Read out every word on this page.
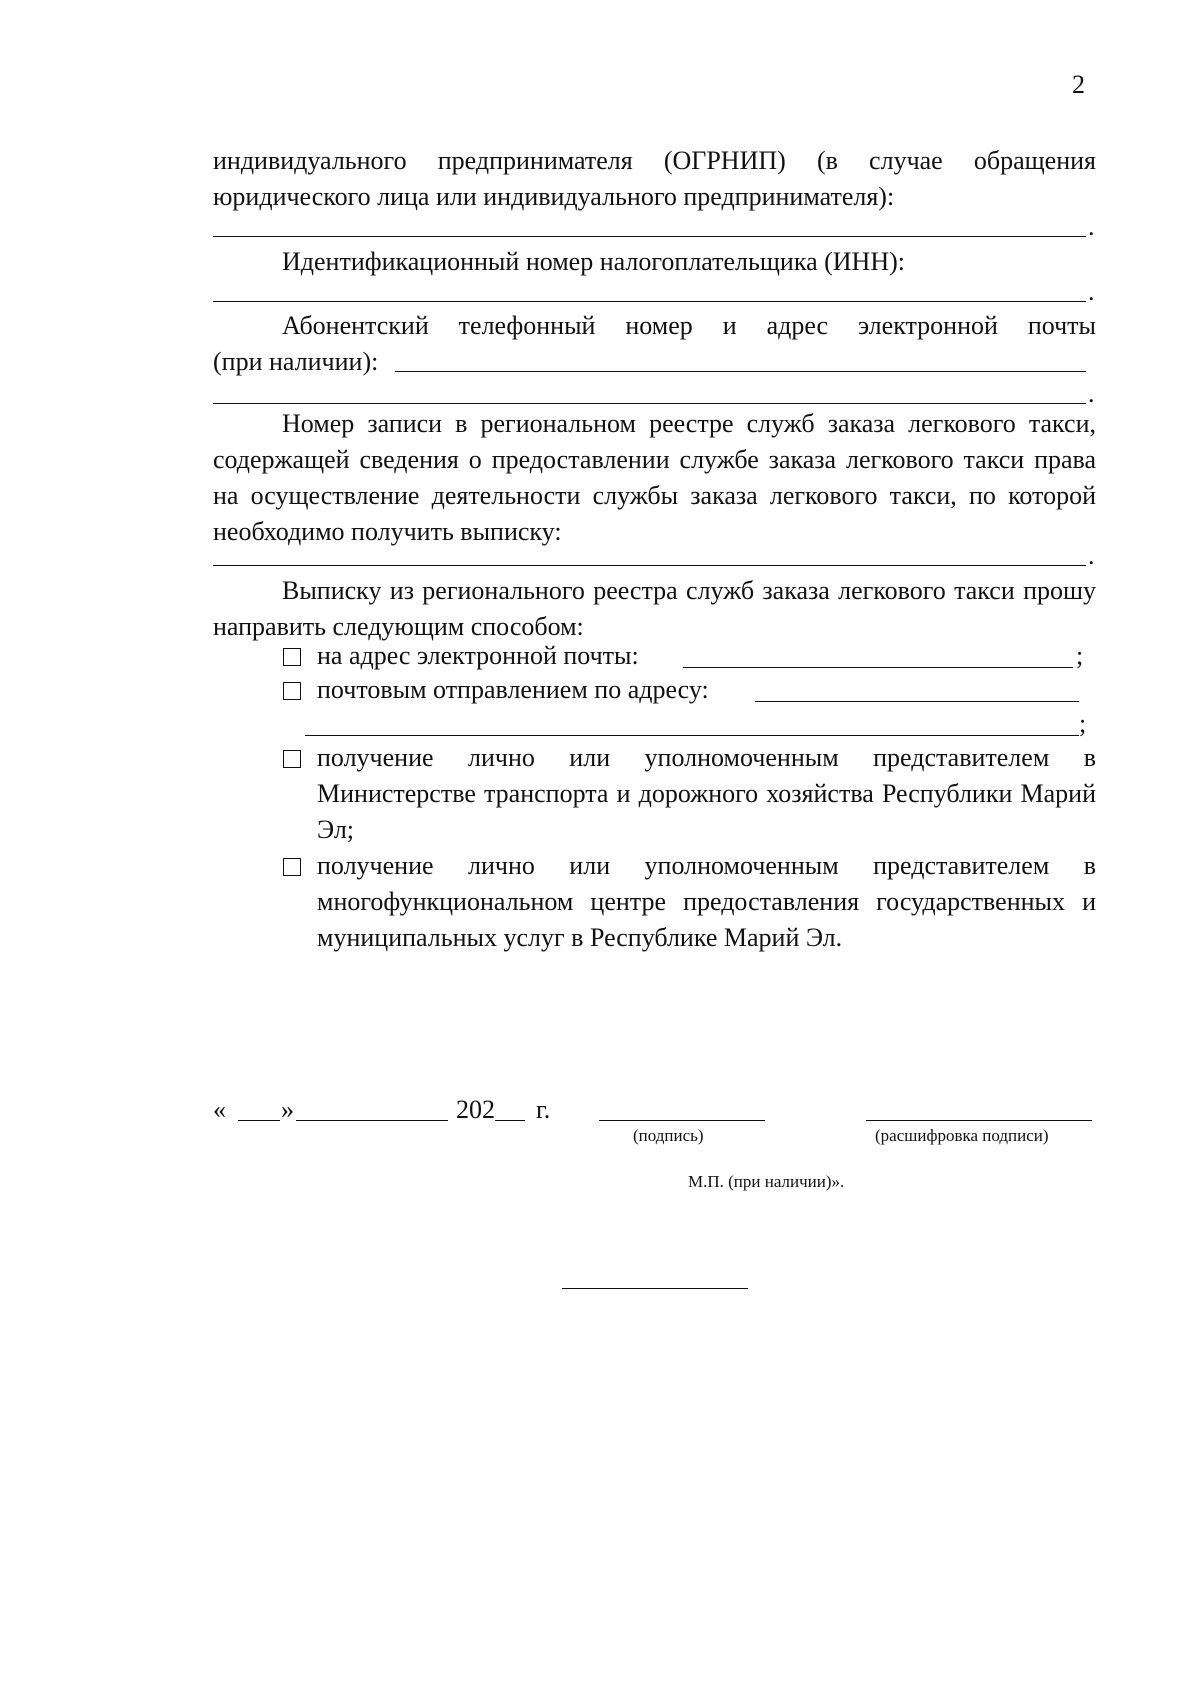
2

индивидуального предпринимателя (ОГРНИП) (в случае обращения юридического лица или индивидуального предпринимателя):

.

Идентификационный номер налогоплательщика (ИНН):

.

Абонентский телефонный номер и адрес электронной почты

(при наличии):
.

Номер записи в региональном реестре служб заказа легкового такси, содержащей сведения о предоставлении службе заказа легкового такси права на осуществление деятельности службы заказа легкового такси, по которой необходимо получить выписку:

.

Выписку из регионального реестра служб заказа легкового такси прошу направить следующим способом:

на адрес электронной почты:	;
почтовым отправлением по адресу:
;

получение лично или уполномоченным представителем в Министерстве транспорта и дорожного хозяйства Республики Марий Эл;

получение лично или уполномоченным представителем в многофункциональном центре предоставления государственных и муниципальных услуг в Республике Марий Эл.

« »	202 г.
(подпись)	(расшифровка подписи)
М.П. (при наличии)».
